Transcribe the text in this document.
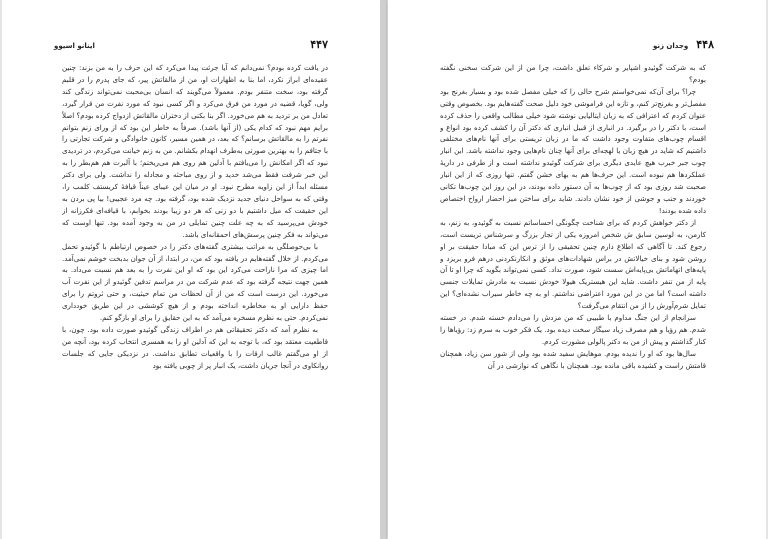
۴۴۷
اینانو اسیوو

در یافت کرده بودم؟ نمی‌دانم که آیا جرئت پیدا می‌کرد که این حرف را به من بزند: چنین عقیده‌ای ابراز نکرد، اما بنا به اظهارات او، من از مالقاتش پیر، که جای پدرم را در قلبم گرفته بود، سخت متنفر بودم. معمولاً می‌گویند که انسان بی‌محبت نمی‌تواند زندگی کند ولی، گویا، قضیه در مورد من فرق می‌کرد و اگر کسی نبود که مورد نفرت من قرار گیرد، تعادل من بر تردید به هم می‌خورد. اگر بنا بکنی از دختران مالقاتش ازدواج کرده بودم؟ اصلاً برایم مهم نبود که کدام یکی (از آنها باشد). صرفاً به خاطر این بود که از ورای زنم بتوانم نفرتم را به مالقاتش برسانم؟ که بعد، در همین مسیر، کانون خانوادگی و شرکت تجارتی را با جتافم را به بهترین صورتی به‌طرف انهدام بکشانم. من به زنم خیانت می‌کردم، در تردیدی نبود که اگر امکانش را می‌یافتم با آدلین هم روی هم می‌ریختم؛ با آلبرت هم هم‌بطر را به این خبر شرفت فقط می‌شد خدید و از روی مباحثه و مجادله را نداشت. ولی برای دکتر مسئله ابداً از این زاویه مطرح نبود. او در میان این عیبای عیناً قیافهٔ کریستف کلمب را، وقتی که به سواحل دنیای جدید نزدیک شده بود، گرفته بود. چه مرد عجیبی! بیا پی بردن به این حقیقت که میل داشتیم با دو زنی که هر دو زیبا بودند بخوابم، با قیافه‌ای فکرزانه از خودش می‌پرسید که به چه علت چنین تمایلی در من به وجود آمده بود. تنها اوست که می‌تواند به فکر چنین پرسش‌های احمقانه‌ای باشد.

با بی‌حوصلگی به مراتب بیشتری گفته‌های دکتر را در خصوص ارتباطم با گوئیدو تحمل می‌کردم. از خلال گفته‌هایم در یافته بود که من، در ابتدا، از آن جوان بدبخت خوشم نمی‌آمد. اما چیزی که مرا ناراحت می‌کرد این بود که او این نفرت را به بعد هم نسبت می‌داد. به همین جهت نتیجه گرفته بود که عدم شرکت من در مراسم تدفین گوئیدو از این نفرت آب می‌خورد. این درست است که من از آن لحظات من تمام حیثیت، و حتی ثروتم را برای حفظ دارایی او به مخاطره انداخته بودم و از هیچ کوششی در این طریق خودداری نمی‌کردم. حتی به نظرم مسخره می‌آمد که به این حقایق را برای او بازگو کنم.

به نظرم آمد که دکتر تحقیقاتی هم در اطراف زندگی گوئیدو صورت داده بود. چون، با قاطعیت معتقد بود که، با توجه به این که آدلین او را به همسری انتخاب کرده بود، آنچه من از او می‌گفتم غالب ارقات را با واقعیات تطابق نداشت. در نزدیکی جایی که جلسات روانکاوی در آنجا جریان داشت، یک انبار پر از چوبی یافته بود

۴۴۸
وجدان زنو

که به شرکت گوئیدو اشپایر و شرکاء تعلق داشت، چرا من از این شرکت سخنی نگفته بودم؟

چرا؟ برای آن‌که نمی‌خواستم شرح حالی را که خیلی مفصل شده بود و بسیار بغرنج بود مفصل‌تر و بغرنج‌تر کنم، و تازه این فراموشی خود دلیل صحت گفته‌هایم بود. بخصوص وقتی عنوان کردم که اعترافی که به زبان ایتالیایی نوشته شود خیلی مطالب واقعی را حذف کرده است، با دکتر را در برگیرد. در انباری از قبیل انباری که دکتر آن را کشف کرده بود انواع و اقسام چوب‌های متفاوت وجود داشت که ما در زبان تریستی برای آنها نام‌های مختلفی داشتیم که شاید در هیچ زبان یا لهجه‌ای برای آنها چنان نام‌هایی وجود نداشته باشد. این انبار چوب جبر خبرب هیچ عایدی دیگری برای شرکت گوئیدو نداشته است و از طرفی در داریهٔ عملکردها هم نبوده است. این حرف‌ها هم به بهای خشن گفتم. تنها روزی که از این انبار صحبت شد روزی بود که از چوب‌ها به آن دستور داده بودند، در این روز این چوب‌ها تکانی خوردند و جنب و جوشی از خود نشان دادند. شاید برای ساختن میز احضار ارواح اختصاص داده شده بودند!

از دکتر خواهش کردم که برای شناخت چگونگی احساساتم نسبت به گوئیدو، به زنم، به کارمن، به لوسین سابق ش شخص امروزه یکی از تجار بزرگ و سرشناس تریست است، رجوع کند. تا آگاهی که اطلاع دارم چنین تحقیقی را از ترس این که مبادا حقیقت بر او روشن شود و بنای خیالاتش در براس شهادات‌های موثق و انکارنکردنی درهم فرو بریزد و پایه‌های اتهاماتش بی‌پایه‌اش سست شود، صورت نداد. کسی نمی‌تواند بگوید که چرا او تا آن پایه از من تنفر داشت. شاید این هیستریک هیولا خودش نسبت به مادرش تمایلات جنسی داشته است؟ اما من در این مورد اعتراضی نداشتم. او به چه خاطر سیراب نشده‌ای؟ این تمایل شرم‌آورش را از من انتقام می‌گرفت؟

سرانجام از این جنگ مداوم با طبیبی که من مزدش را می‌دادم خسته شدم. در خسته شدم. هم رؤیا و هم مصرف زیاد سیگار سخت دیده بود. یک فکر خوب به سرم زد: رؤیاها را کنار گذاشتم و پیش از من به دکتر پالولی مشورت کردم.

سال‌ها بود که او را ندیده بودم. موهایش سفید شده بود ولی از شور سن زیاد، همچنان قامتش راست و کشیده باقی مانده بود. همچنان با نگاهی که نوازشی در آن
